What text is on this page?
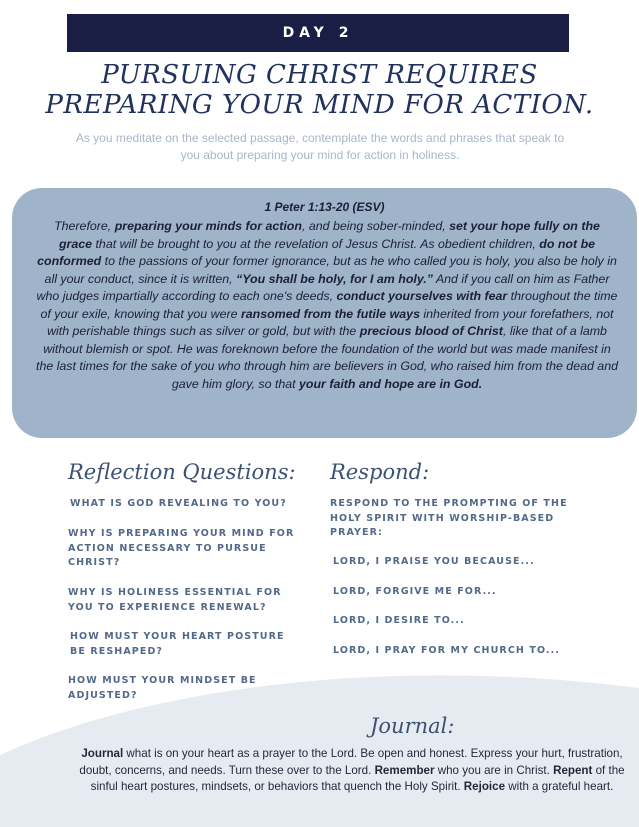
DAY 2
PURSUING CHRIST REQUIRES
PREPARING YOUR MIND FOR ACTION.
As you meditate on the selected passage, contemplate the words and phrases that speak to you about preparing your mind for action in holiness.
1 Peter 1:13-20 (ESV)
Therefore, preparing your minds for action, and being sober-minded, set your hope fully on the grace that will be brought to you at the revelation of Jesus Christ. As obedient children, do not be conformed to the passions of your former ignorance, but as he who called you is holy, you also be holy in all your conduct, since it is written, “You shall be holy, for I am holy.” And if you call on him as Father who judges impartially according to each one's deeds, conduct yourselves with fear throughout the time of your exile, knowing that you were ransomed from the futile ways inherited from your forefathers, not with perishable things such as silver or gold, but with the precious blood of Christ, like that of a lamb without blemish or spot. He was foreknown before the foundation of the world but was made manifest in the last times for the sake of you who through him are believers in God, who raised him from the dead and gave him glory, so that your faith and hope are in God.
Reflection Questions:
WHAT IS GOD REVEALING TO YOU?
WHY IS PREPARING YOUR MIND FOR ACTION NECESSARY TO PURSUE CHRIST?
WHY IS HOLINESS ESSENTIAL FOR YOU TO EXPERIENCE RENEWAL?
HOW MUST YOUR HEART POSTURE BE RESHAPED?
HOW MUST YOUR MINDSET BE ADJUSTED?
Respond:
RESPOND TO THE PROMPTING OF THE HOLY SPIRIT WITH WORSHIP-BASED PRAYER:
LORD, I PRAISE YOU BECAUSE...
LORD, FORGIVE ME FOR...
LORD, I DESIRE TO...
LORD, I PRAY FOR MY CHURCH TO...
Journal:
Journal what is on your heart as a prayer to the Lord. Be open and honest. Express your hurt, frustration, doubt, concerns, and needs. Turn these over to the Lord. Remember who you are in Christ. Repent of the sinful heart postures, mindsets, or behaviors that quench the Holy Spirit. Rejoice with a grateful heart.
